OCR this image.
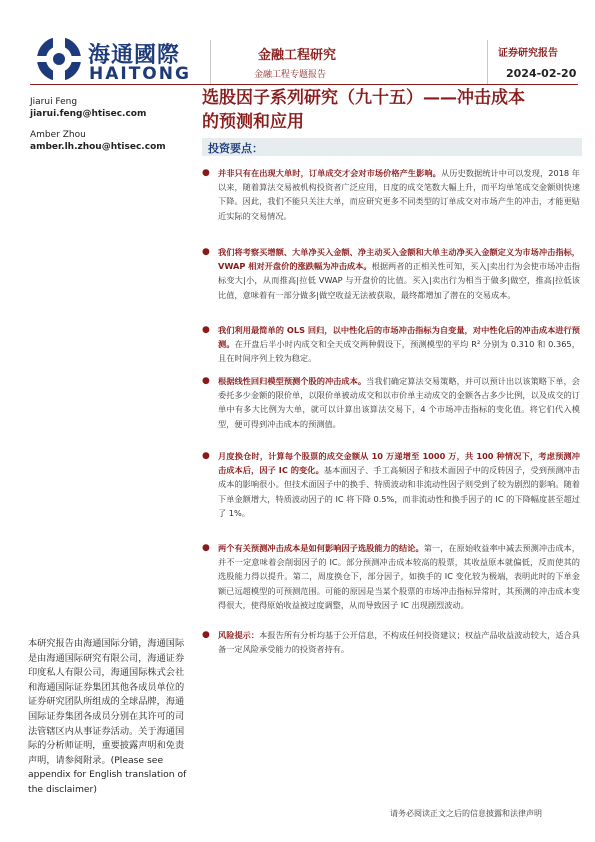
海通國際
HAITONG
金融工程研究
金融工程专题报告
证券研究报告
2024-02-20
Jiarui Feng
jiarui.feng@htisec.com
Amber Zhou
amber.lh.zhou@htisec.com
选股因子系列研究（九十五）——冲击成本
的预测和应用
投资要点：
● 并非只有在出现大单时，订单成交才会对市场价格产生影响。从历史数据统计中可以发现，2018 年以来，随着算法交易被机构投资者广泛应用，日度的成交笔数大幅上升，而平均单笔成交金额则快速下降。因此，我们不能只关注大单，而应研究更多不同类型的订单成交对市场产生的冲击，才能更贴近实际的交易情况。
● 我们将考察买增额、大单净买入金额、净主动买入金额和大单主动净买入金额定义为市场冲击指标，VWAP 相对开盘价的涨跌幅为冲击成本。根据两者的正相关性可知，买入|卖出行为会使市场冲击指标变大|小，从而推高|拉低 VWAP 与开盘价的比值。买入|卖出行为相当于做多|做空，推高|拉低该比值，意味着有一部分做多|做空收益无法被获取，最终都增加了潜在的交易成本。
● 我们利用最简单的 OLS 回归，以中性化后的市场冲击指标为自变量，对中性化后的冲击成本进行预测。在开盘后半小时内成交和全天成交两种假设下，预测模型的平均 R² 分别为 0.310 和 0.365，且在时间序列上较为稳定。
● 根据线性回归模型预测个股的冲击成本。当我们确定算法交易策略，并可以预计出以该策略下单，会委托多少金额的限价单，以限价单被动成交和以市价单主动成交的金额各占多少比例，以及成交的订单中有多大比例为大单，就可以计算出该算法交易下，4 个市场冲击指标的变化值。将它们代入模型，便可得到冲击成本的预测值。
● 月度换仓时，计算每个股票的成交金额从 10 万递增至 1000 万，共 100 种情况下，考虑预测冲击成本后，因子 IC 的变化。基本面因子、手工高频因子和技术面因子中的反转因子，受到预测冲击成本的影响很小。但技术面因子中的换手、特质波动和非流动性因子则受到了较为剧烈的影响。随着下单金额增大，特质波动因子的 IC 将下降 0.5%，而非流动性和换手因子的 IC 的下降幅度甚至超过了 1%。
● 两个有关预测冲击成本是如何影响因子选股能力的结论。第一，在原始收益率中减去预测冲击成本，并不一定意味着会削弱因子的 IC。部分预测冲击成本较高的股票，其收益原本就偏低，反而使其的选股能力得以提升。第二，周度换仓下，部分因子，如换手的 IC 变化较为极端，表明此时的下单金额已远超模型的可预测范围。可能的原因是当某个股票的市场冲击指标异常时，其预测的冲击成本变得很大，使得原始收益被过度调整，从而导致因子 IC 出现剧烈波动。
● 风险提示：本报告所有分析均基于公开信息，不构成任何投资建议；权益产品收益波动较大，适合具备一定风险承受能力的投资者持有。
本研究报告由海通国际分销，海通国际是由海通国际研究有限公司，海通证券印度私人有限公司，海通国际株式会社和海通国际证券集团其他各成员单位的证券研究团队所组成的全球品牌，海通国际证券集团各成员分别在其许可的司法管辖区内从事证券活动。关于海通国际的分析师证明，重要披露声明和免责声明，请参阅附录。(Please see appendix for English translation of the disclaimer)
请务必阅读正文之后的信息披露和法律声明
